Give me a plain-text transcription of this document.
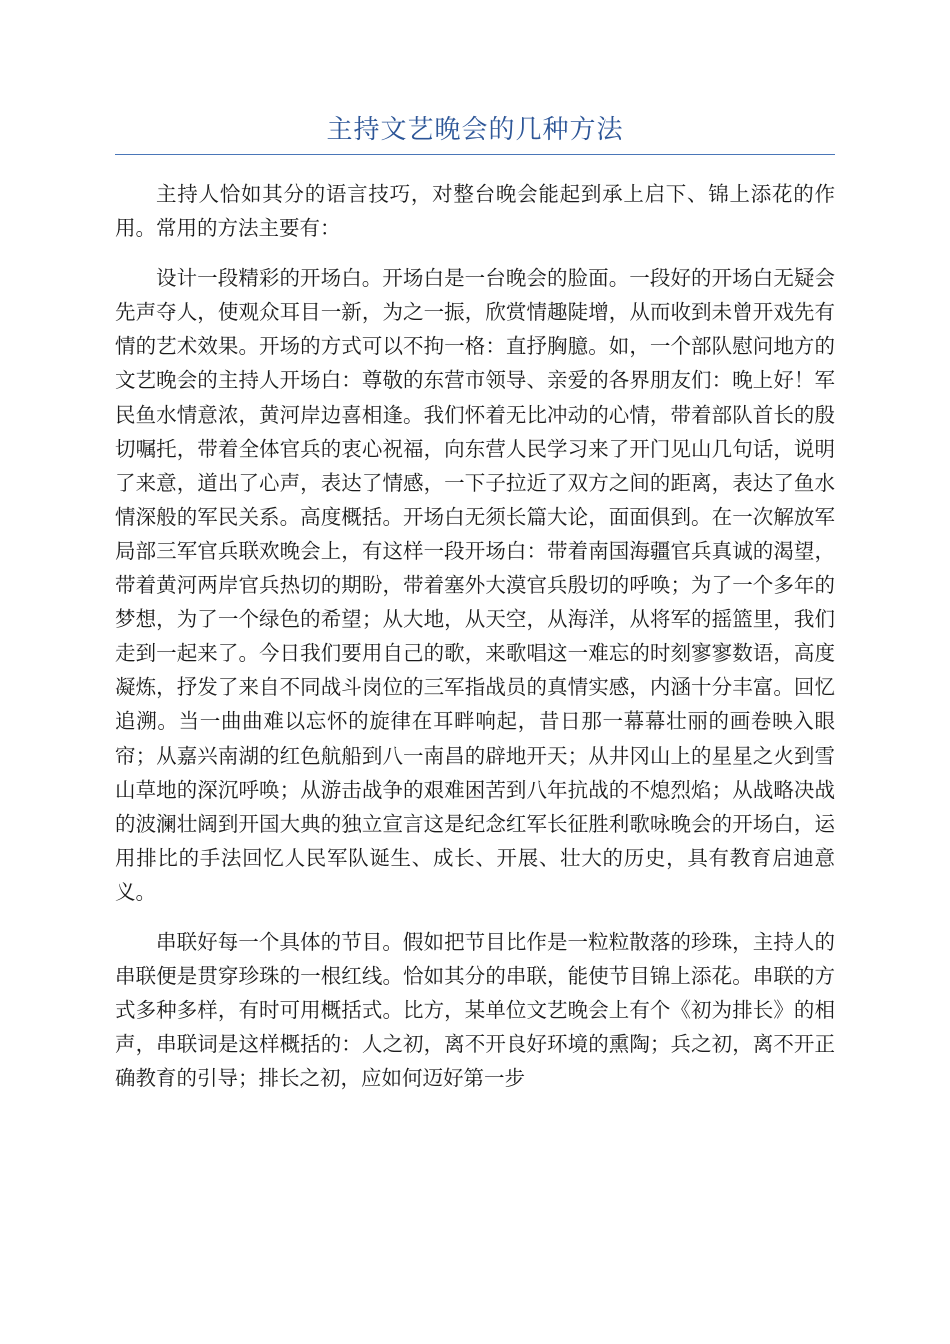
主持文艺晚会的几种方法

主持人恰如其分的语言技巧，对整台晚会能起到承上启下、锦上添花的作用。常用的方法主要有：

设计一段精彩的开场白。开场白是一台晚会的脸面。一段好的开场白无疑会先声夺人，使观众耳目一新，为之一振，欣赏情趣陡增，从而收到未曾开戏先有情的艺术效果。开场的方式可以不拘一格：直抒胸臆。如，一个部队慰问地方的文艺晚会的主持人开场白：尊敬的东营市领导、亲爱的各界朋友们：晚上好！军民鱼水情意浓，黄河岸边喜相逢。我们怀着无比冲动的心情，带着部队首长的殷切嘱托，带着全体官兵的衷心祝福，向东营人民学习来了开门见山几句话，说明了来意，道出了心声，表达了情感，一下子拉近了双方之间的距离，表达了鱼水情深般的军民关系。高度概括。开场白无须长篇大论，面面俱到。在一次解放军局部三军官兵联欢晚会上，有这样一段开场白：带着南国海疆官兵真诚的渴望，带着黄河两岸官兵热切的期盼，带着塞外大漠官兵殷切的呼唤；为了一个多年的梦想，为了一个绿色的希望；从大地，从天空，从海洋，从将军的摇篮里，我们走到一起来了。今日我们要用自己的歌，来歌唱这一难忘的时刻寥寥数语，高度凝炼，抒发了来自不同战斗岗位的三军指战员的真情实感，内涵十分丰富。回忆追溯。当一曲曲难以忘怀的旋律在耳畔响起，昔日那一幕幕壮丽的画卷映入眼帘；从嘉兴南湖的红色航船到八一南昌的辟地开天；从井冈山上的星星之火到雪山草地的深沉呼唤；从游击战争的艰难困苦到八年抗战的不熄烈焰；从战略决战的波澜壮阔到开国大典的独立宣言这是纪念红军长征胜利歌咏晚会的开场白，运用排比的手法回忆人民军队诞生、成长、开展、壮大的历史，具有教育启迪意义。

串联好每一个具体的节目。假如把节目比作是一粒粒散落的珍珠，主持人的串联便是贯穿珍珠的一根红线。恰如其分的串联，能使节目锦上添花。串联的方式多种多样，有时可用概括式。比方，某单位文艺晚会上有个《初为排长》的相声，串联词是这样概括的：人之初，离不开良好环境的熏陶；兵之初，离不开正确教育的引导；排长之初，应如何迈好第一步
